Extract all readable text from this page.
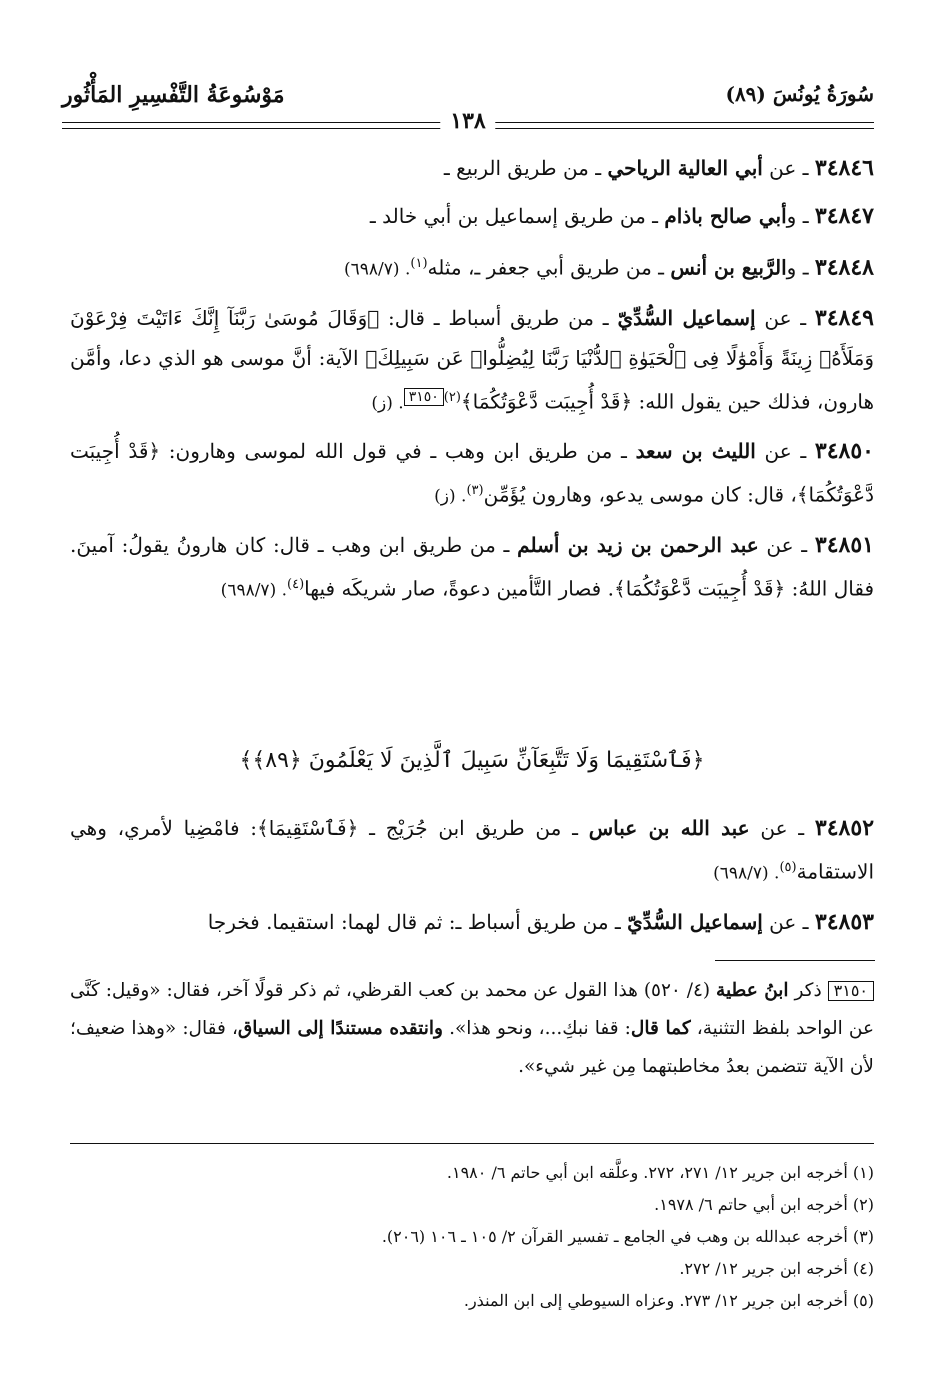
سُورَةُ يُونُسَ (٨٩)
مَوْسُوعَةُ التَّفْسِيرِ المَأْثُور
١٣٨

٣٤٨٤٦ ـ عن أبي العالية الرياحي ـ من طريق الربيع ـ

٣٤٨٤٧ ـ وأبي صالح باذام ـ من طريق إسماعيل بن أبي خالد ـ

٣٤٨٤٨ ـ والرَّبيع بن أنس ـ من طريق أبي جعفر ـ، مثله$^{(١)}$. (٦٩٨/٧)

٣٤٨٤٩ ـ عن إسماعيل السُّدِّيّ ـ من طريق أسباط ـ قال: ﴿وَقَالَ مُوسَىٰ رَبَّنَآ إِنَّكَ ءَاتَيْتَ فِرْعَوْنَ وَمَلَأَهُۥ زِينَةً وَأَمْوَٰلًا فِى ٱلْحَيَوٰةِ ٱلدُّنْيَا رَبَّنَا لِيُضِلُّوا۟ عَن سَبِيلِكَ﴾ الآية: أنَّ موسى هو الذي دعا، وأمَّن هارون، فذلك حين يقول الله: ﴿قَدْ أُجِيبَت دَّعْوَتُكُمَا﴾$^{(٢)}$٣١٥٠. (ز)

٣٤٨٥٠ ـ عن الليث بن سعد ـ من طريق ابن وهب ـ في قول الله لموسى وهارون: ﴿قَدْ أُجِيبَت دَّعْوَتُكُمَا﴾، قال: كان موسى يدعو، وهارون يُؤَمِّن$^{(٣)}$. (ز)

٣٤٨٥١ ـ عن عبد الرحمن بن زيد بن أسلم ـ من طريق ابن وهب ـ قال: كان هارونُ يقولُ: آمينَ. فقال اللهُ: ﴿قَدْ أُجِيبَت دَّعْوَتُكُمَا﴾. فصار التَّأمين دعوةً، صار شريكَه فيها$^{(٤)}$. (٦٩٨/٧)

﴿فَٱسْتَقِيمَا وَلَا تَتَّبِعَآنِّ سَبِيلَ ٱلَّذِينَ لَا يَعْلَمُونَ ﴿٨٩﴾﴾

٣٤٨٥٢ ـ عن عبد الله بن عباس ـ من طريق ابن جُرَيْج ـ ﴿فَٱسْتَقِيمَا﴾: فامْضِيا لأمري، وهي الاستقامة$^{(٥)}$. (٦٩٨/٧)

٣٤٨٥٣ ـ عن إسماعيل السُّدِّيّ ـ من طريق أسباط ـ: ثم قال لهما: استقيما. فخرجا

٣١٥٠ ذكر ابنُ عطية (٤/ ٥٢٠) هذا القول عن محمد بن كعب القرظي، ثم ذكر قولًا آخر، فقال: «وقيل: كَنَّى عن الواحد بلفظ التثنية، كما قال: قفا نبكِ...، ونحو هذا». وانتقده مستندًا إلى السياق، فقال: «وهذا ضعيف؛ لأن الآية تتضمن بعدُ مخاطبتهما مِن غير شيء».
(١) أخرجه ابن جرير ١٢/ ٢٧١، ٢٧٢. وعلَّقه ابن أبي حاتم ٦/ ١٩٨٠.
(٢) أخرجه ابن أبي حاتم ٦/ ١٩٧٨.
(٣) أخرجه عبدالله بن وهب في الجامع ـ تفسير القرآن ٢/ ١٠٥ ـ ١٠٦ (٢٠٦).
(٤) أخرجه ابن جرير ١٢/ ٢٧٢.
(٥) أخرجه ابن جرير ١٢/ ٢٧٣. وعزاه السيوطي إلى ابن المنذر.
